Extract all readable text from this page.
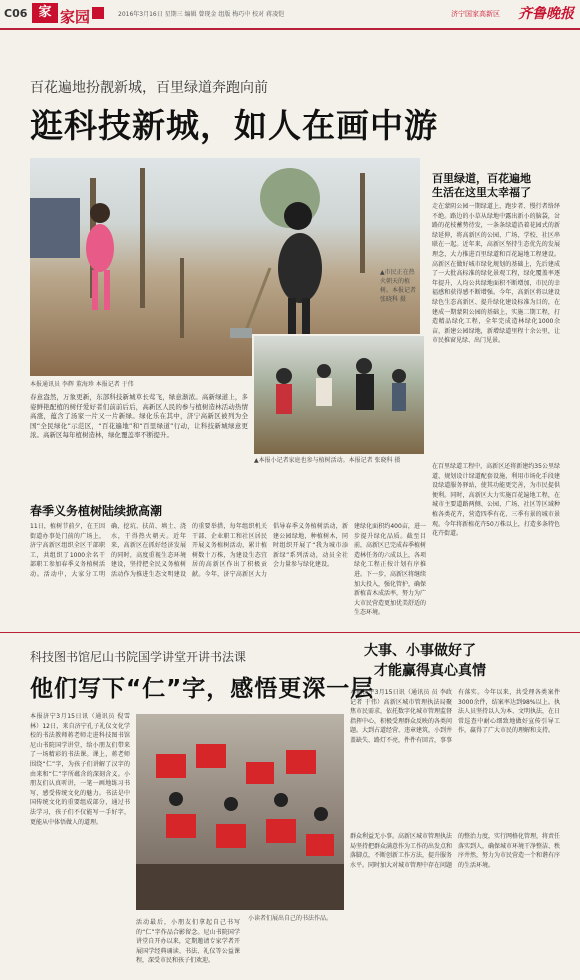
C06 家 家园	2016年3月16日 星期三 编辑 曾现金 组版 梅巧中 校对 蒋凌恺	济宁国家高新区 齐鲁晚报
百花遍地扮靓新城，百里绿道奔跑向前
逛科技新城，如人在画中游
▲市民正在热火朝天的植树。本报记者 张晓科 摄
本报通讯员 李辉 董海珍 本报记者 于伟
▲本报小记者家庭也参与植树活动。本报记者 张晓科 摄
春意盎然，万象更新，东部科技新城草长莺飞，绿意渐浓。高新绿道上，多姿鲜艳配植的树仔爱好者们前前后后，高新区人民的参与植树造林活动热情高涨，蕴含了汤家一片又一片新绿。绿化乐在其中，济宁高新区被列为全国“全民绿化”示范区，“百花遍地”和“百里绿道”行动，让科技新城绿意更浓。高新区每年植树造林，绿化覆盖率不断提升。
百里绿道，百花遍地
生活在这里太幸福了
走在蒙阴公园一期绿道上，跑步者、慢行者络绎不绝。路边的小草从绿地中露出新小的脑袋，岔路的花枝蓄势待发，一条条绿道沿着花园式的新绿延伸，将高新区的公园、广场、学校、社区串联在一起。近年来，高新区坚持生态优先的发展理念，大力推进百里绿道和百花遍地工程建设。高新区在做好城市绿化规划的基础上，先后建成了一大批高标准的绿化景观工程，绿化覆盖率逐年提升，人均公共绿地面积不断增加，市民的幸福感和获得感不断增强。今年，高新区将以建设绿色生态高新区、提升绿化建设标准为目的，在建成一期蒙阴公园的基础上，实施二期工程，打造精品绿化工程，全年完成造林绿化1000余亩，新建公园绿地，新增绿道里程十余公里，让市民推窗见绿、出门见景。
在百里绿道工程中，高新区还将新建约35公里绿道，规划设计绿道配套设施，利用市场化手段建设绿道服务驿站，使其功能更完善，为市民提供便利。同时，高新区大力实施百花遍地工程，在城市主要道路两侧、公园、广场、社区等区域种植各类花卉，营造四季有花、三季有景的城市景观。今年将新植花卉50万株以上，打造多条特色花卉街道。
春季义务植树陆续掀高潮
11日，植树节前夕，在王因街道办事处门前的广场上，济宁高新区组织全区干部职工，共组织了1000余名干部职工参加春季义务植树活动。活动中，大家分工明确，挖坑、扶苗、填土、浇水，干得热火朝天。近年来，高新区在抓好经济发展的同时，高度重视生态环境建设，坚持把全民义务植树活动作为推进生态文明建设的重要举措，每年组织机关干部、企业职工和社区居民开展义务植树活动，累计植树数十万株，为建设生态宜居的高新区作出了积极贡献。今年，济宁高新区大力倡导春季义务植树活动，新建公园绿地，种植树木，同时组织开展了“我为城市添新绿”系列活动，动员全社会力量参与绿化建设。
建绿化面积约400亩，进一步提升绿化品质。截至目前，高新区已完成春季植树造林任务的六成以上，各项绿化工程正按计划有序推进。下一步，高新区将继续加大投入，强化管护，确保新植苗木成活率，努力为广大市民营造更加优美舒适的生态环境。
科技图书馆尼山书院国学讲堂开讲书法课
他们写下“仁”字，感悟更深一层
本报济宁3月15日讯（通讯员 倪雪林）12日，来自济宁孔子礼仪文化学校的书法教师蒋老师走进科技图书馆尼山书院国学讲堂，给小朋友们带来了一场精彩的书法课。课上，蒋老师围绕“仁”字，为孩子们讲解了汉字的由来和“仁”字所蕴含的深刻含义。小朋友们认真听讲，一笔一画地练习书写，感受传统文化的魅力。书法是中国传统文化的重要组成部分，通过书法学习，孩子们不仅能写一手好字，更能从中体悟做人的道理。
小读者们展出自己的书法作品。
活动最后，小朋友们拿起自己书写的“仁”字作品合影留念。尼山书院国学讲堂自开办以来，定期邀请专家学者开展国学经典诵读、书法、礼仪等公益课程，深受市民和孩子们欢迎。
大事、小事做好了
才能赢得真心真情
本报济宁3月15日讯（通讯员 员 李政 记者 于伟）高新区城市管理执法局聚焦市民需求，依托数字化城市管理监督指挥中心，积极受理群众反映的各类问题。大到占道经营、违章建筑，小到井盖缺失、路灯不亮，件件有回音，事事有落实。今年以来，共受理各类案件3000余件，结案率达到98%以上。执法人员坚持以人为本、文明执法，在日常巡查中耐心细致地做好宣传引导工作，赢得了广大市民的理解和支持。
群众利益无小事。高新区城市管理执法局坚持把群众满意作为工作的出发点和落脚点，不断创新工作方法，提升服务水平。同时加大对城市管理中存在问题的整治力度，实行网格化管理，将责任落实到人，确保城市环境干净整洁、秩序井然，努力为市民营造一个和谐有序的生活环境。
